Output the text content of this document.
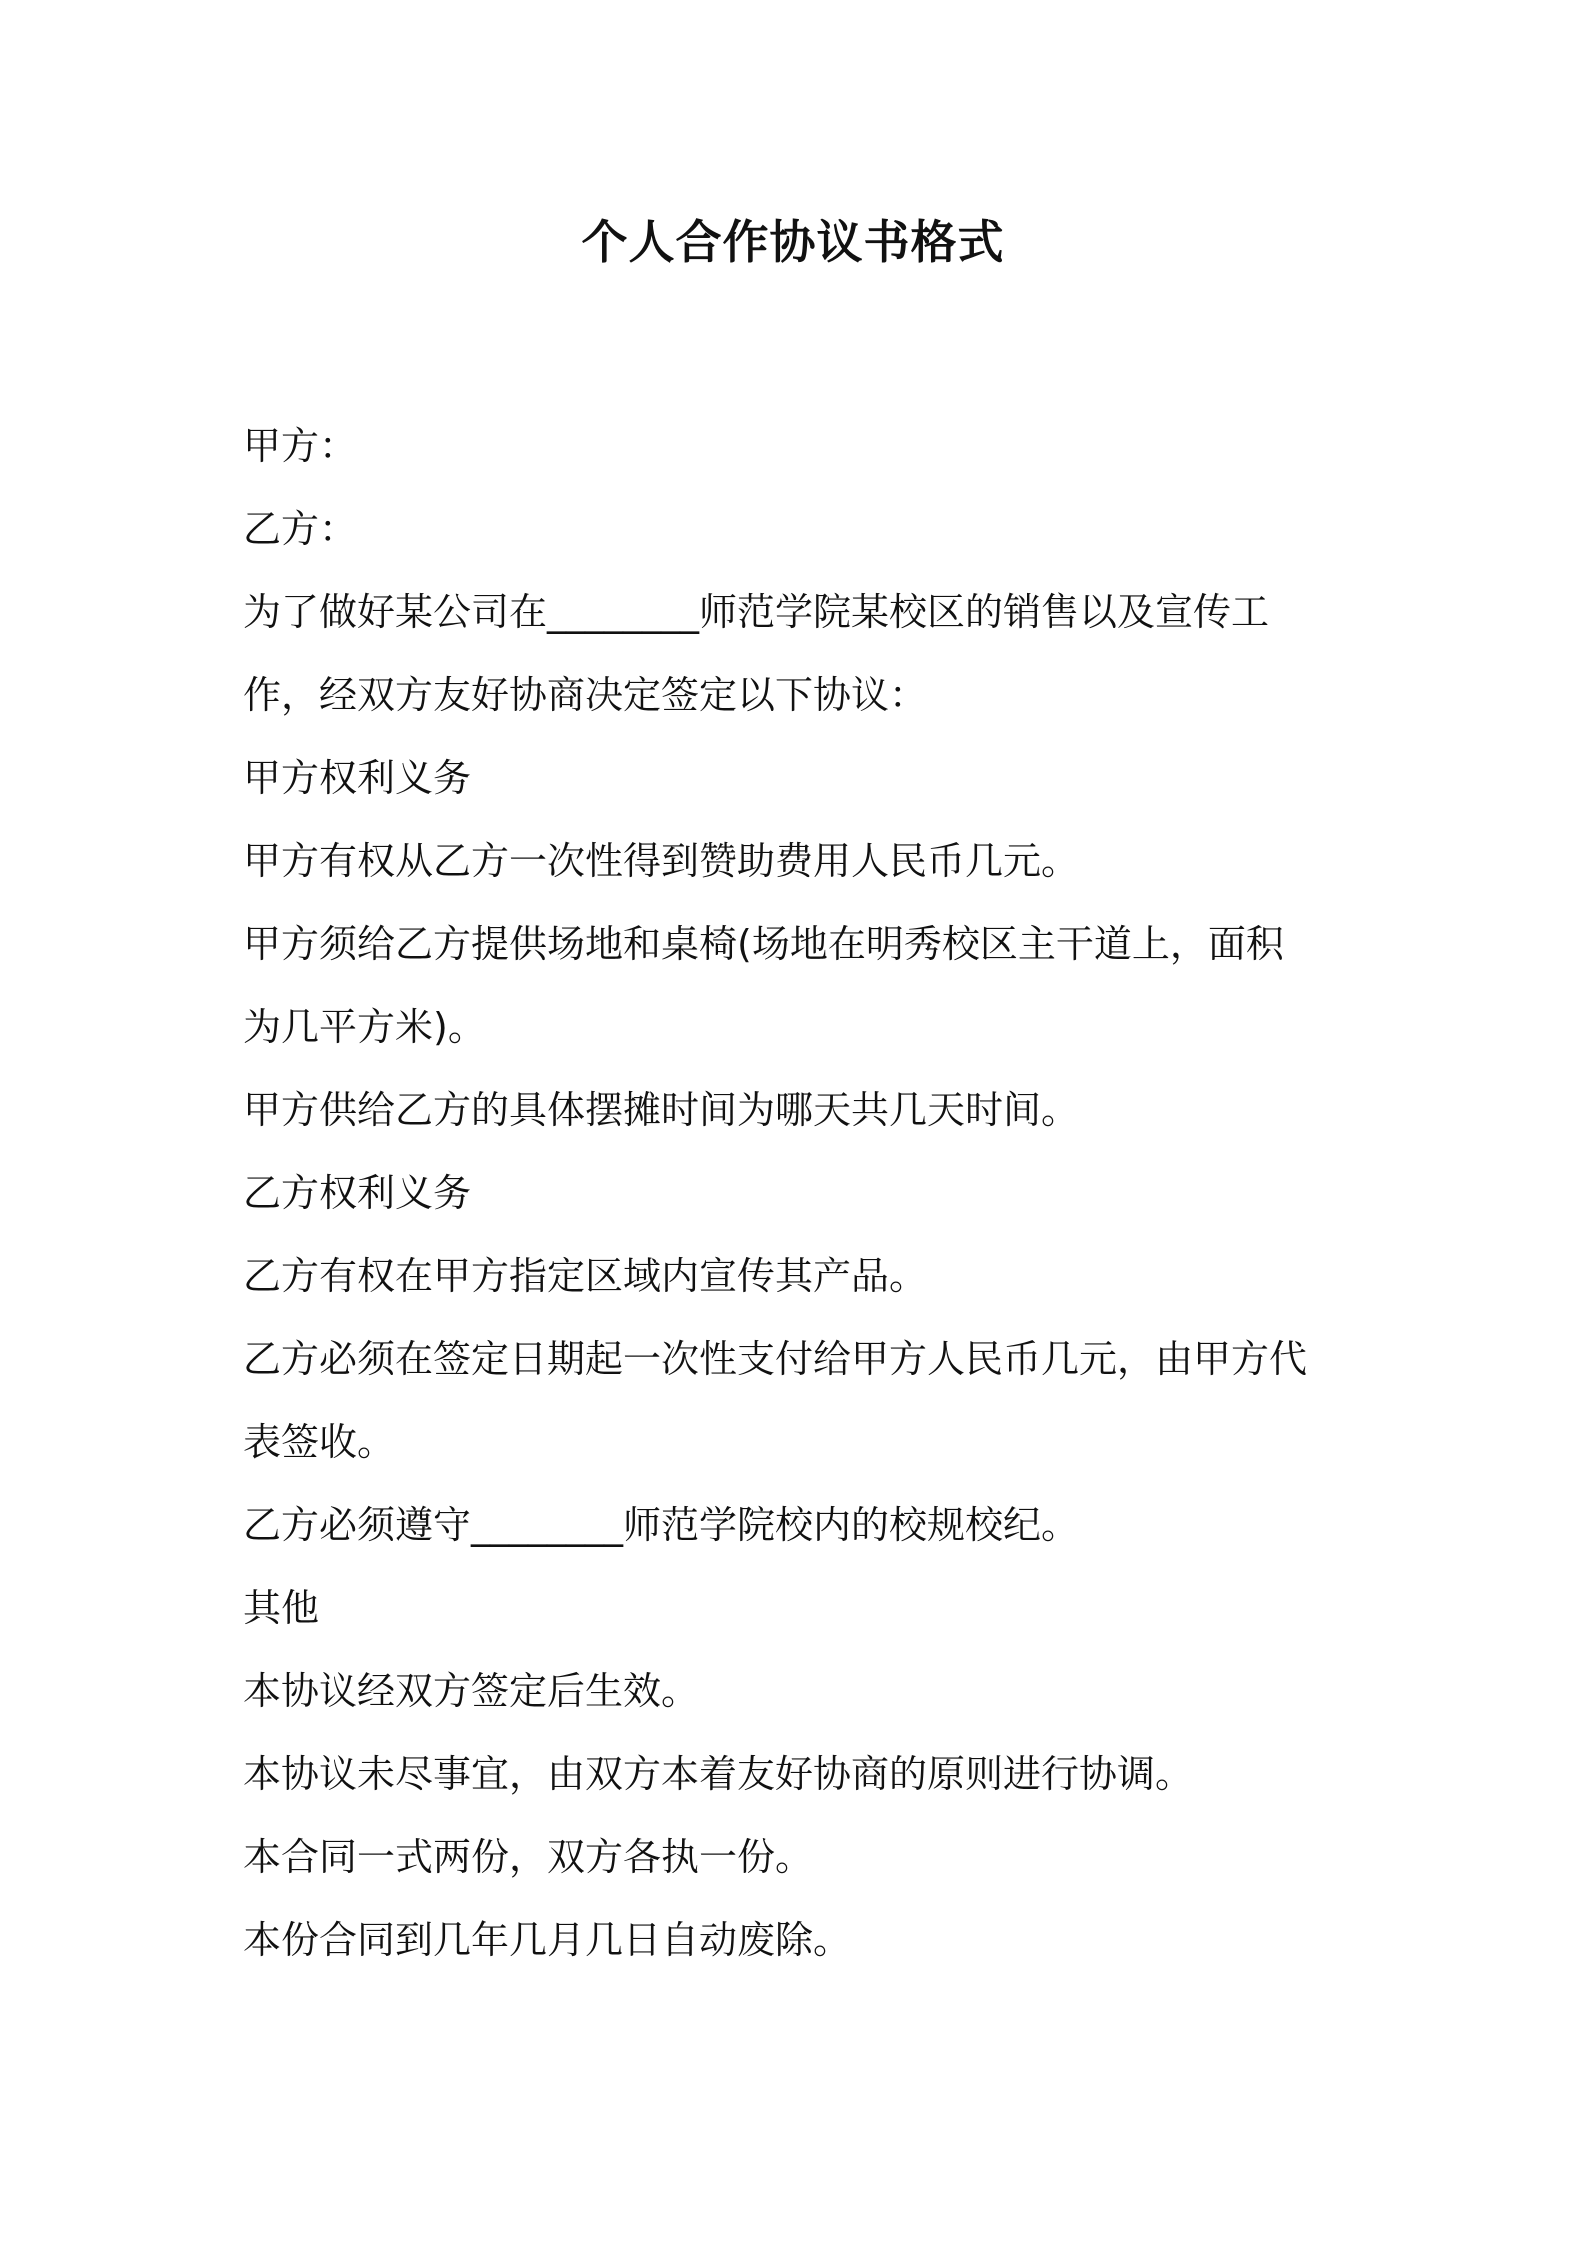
个人合作协议书格式
甲方：
乙方：
为了做好某公司在________师范学院某校区的销售以及宣传工
作，经双方友好协商决定签定以下协议：
甲方权利义务
甲方有权从乙方一次性得到赞助费用人民币几元。
甲方须给乙方提供场地和桌椅(场地在明秀校区主干道上，面积
为几平方米)。
甲方供给乙方的具体摆摊时间为哪天共几天时间。
乙方权利义务
乙方有权在甲方指定区域内宣传其产品。
乙方必须在签定日期起一次性支付给甲方人民币几元，由甲方代
表签收。
乙方必须遵守________师范学院校内的校规校纪。
其他
本协议经双方签定后生效。
本协议未尽事宜，由双方本着友好协商的原则进行协调。
本合同一式两份，双方各执一份。
本份合同到几年几月几日自动废除。
